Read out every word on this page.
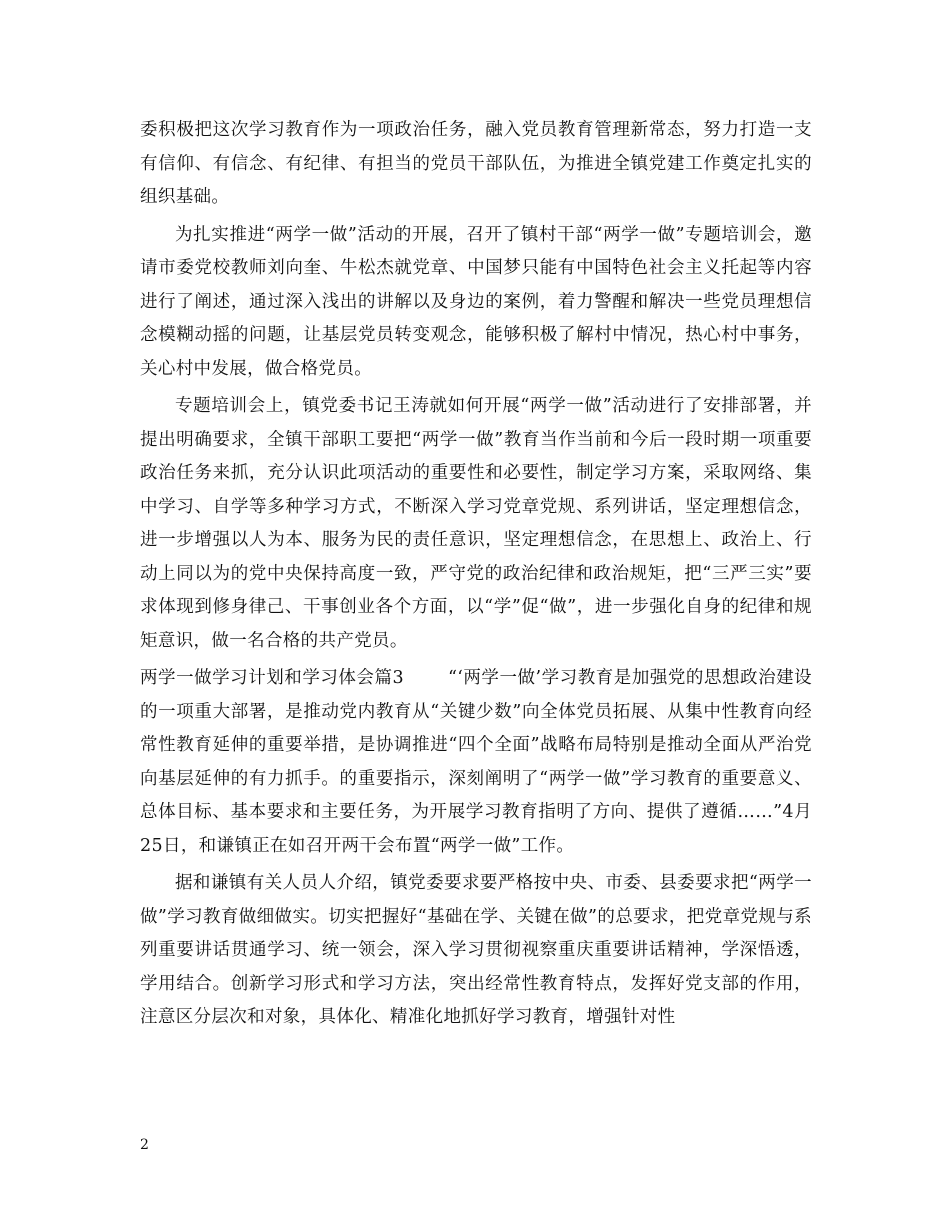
委积极把这次学习教育作为一项政治任务，融入党员教育管理新常态，努力打造一支有信仰、有信念、有纪律、有担当的党员干部队伍，为推进全镇党建工作奠定扎实的组织基础。

为扎实推进“两学一做”活动的开展，召开了镇村干部“两学一做”专题培训会，邀请市委党校教师刘向奎、牛松杰就党章、中国梦只能有中国特色社会主义托起等内容进行了阐述，通过深入浅出的讲解以及身边的案例，着力警醒和解决一些党员理想信念模糊动摇的问题，让基层党员转变观念，能够积极了解村中情况，热心村中事务，关心村中发展，做合格党员。

专题培训会上，镇党委书记王涛就如何开展“两学一做”活动进行了安排部署，并提出明确要求，全镇干部职工要把“两学一做”教育当作当前和今后一段时期一项重要政治任务来抓，充分认识此项活动的重要性和必要性，制定学习方案，采取网络、集中学习、自学等多种学习方式，不断深入学习党章党规、系列讲话，坚定理想信念，进一步增强以人为本、服务为民的责任意识，坚定理想信念，在思想上、政治上、行动上同以为的党中央保持高度一致，严守党的政治纪律和政治规矩，把“三严三实”要求体现到修身律己、干事创业各个方面，以“学”促“做”，进一步强化自身的纪律和规矩意识，做一名合格的共产党员。

两学一做学习计划和学习体会篇3	“‘两学一做’学习教育是加强党的思想政治建设的一项重大部署，是推动党内教育从“关键少数”向全体党员拓展、从集中性教育向经常性教育延伸的重要举措，是协调推进“四个全面”战略布局特别是推动全面从严治党向基层延伸的有力抓手。的重要指示，深刻阐明了“两学一做”学习教育的重要意义、总体目标、基本要求和主要任务，为开展学习教育指明了方向、提供了遵循……”4月25日，和谦镇正在如召开两干会布置“两学一做”工作。

据和谦镇有关人员人介绍，镇党委要求要严格按中央、市委、县委要求把“两学一做”学习教育做细做实。切实把握好“基础在学、关键在做”的总要求，把党章党规与系列重要讲话贯通学习、统一领会，深入学习贯彻视察重庆重要讲话精神，学深悟透，学用结合。创新学习形式和学习方法，突出经常性教育特点，发挥好党支部的作用，注意区分层次和对象，具体化、精准化地抓好学习教育，增强针对性

2
